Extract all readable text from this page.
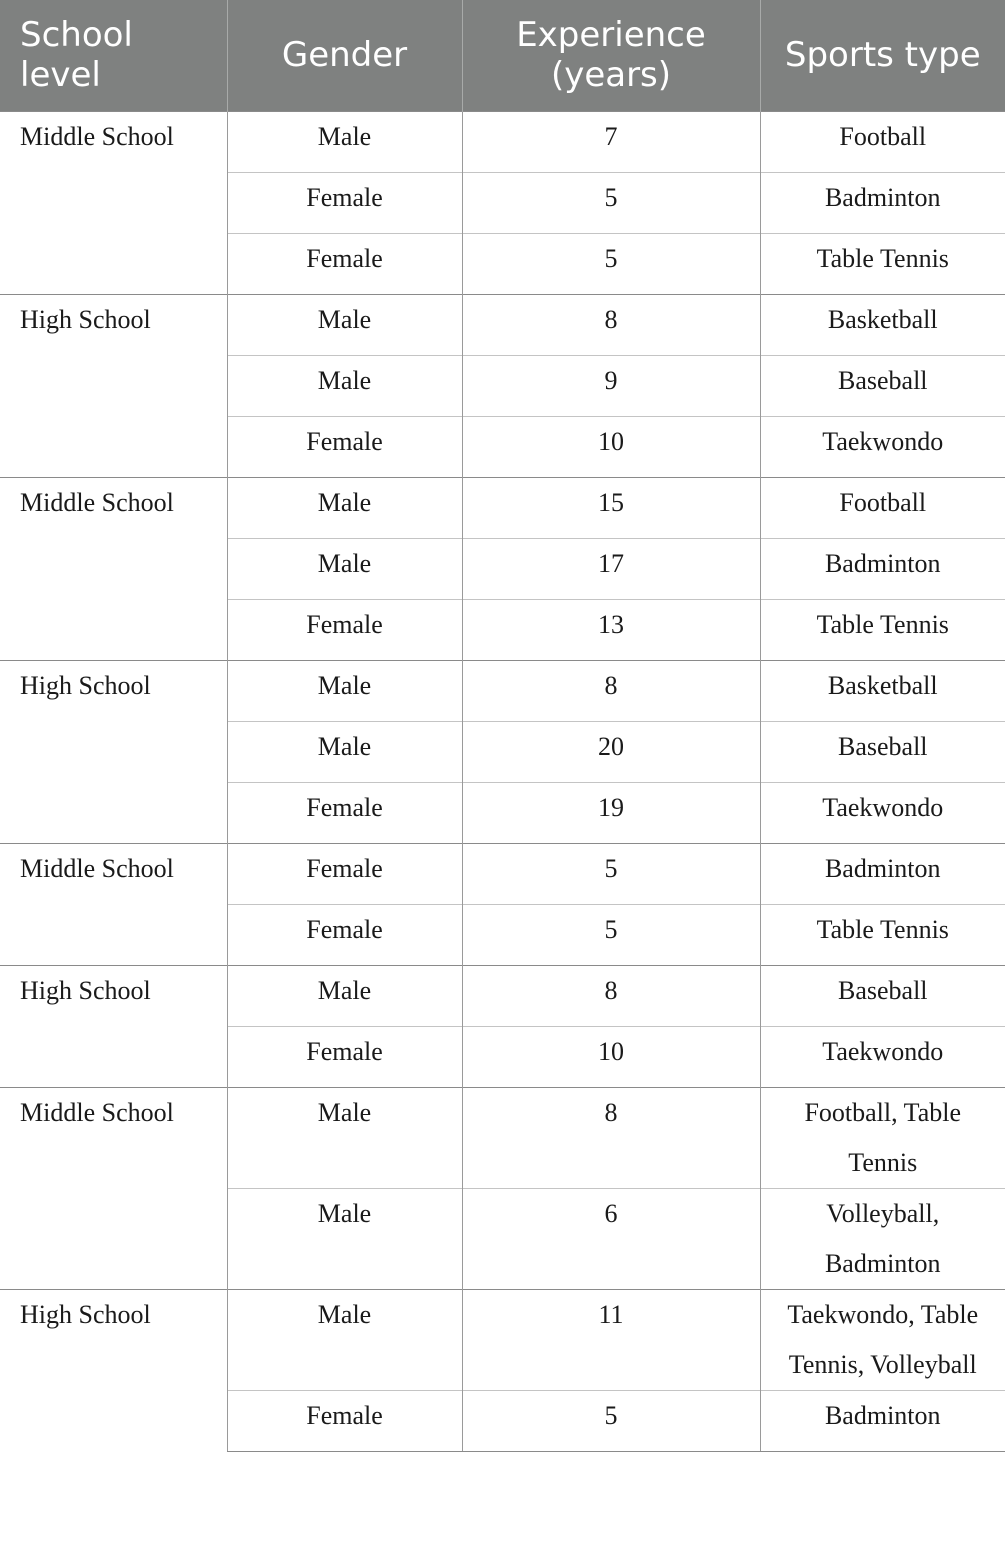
School level	Gender	Experience (years)	Sports type
Middle School	Male	7	Football
	Female	5	Badminton
	Female	5	Table Tennis
High School	Male	8	Basketball
	Male	9	Baseball
	Female	10	Taekwondo
Middle School	Male	15	Football
	Male	17	Badminton
	Female	13	Table Tennis
High School	Male	8	Basketball
	Male	20	Baseball
	Female	19	Taekwondo
Middle School	Female	5	Badminton
	Female	5	Table Tennis
High School	Male	8	Baseball
	Female	10	Taekwondo
Middle School	Male	8	Football, Table Tennis
	Male	6	Volleyball, Badminton
High School	Male	11	Taekwondo, Table Tennis, Volleyball
	Female	5	Badminton
